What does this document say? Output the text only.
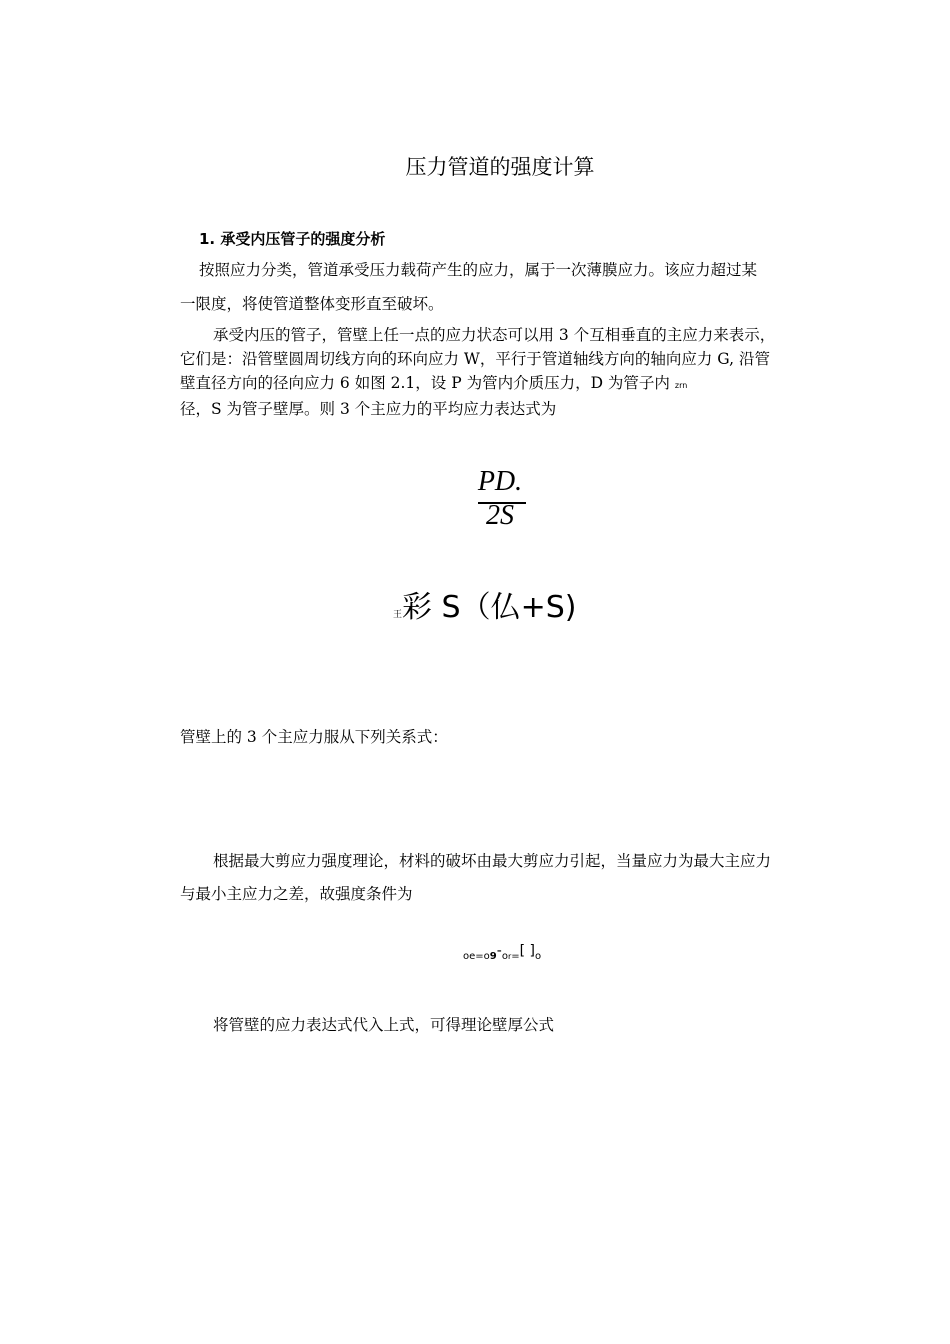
压力管道的强度计算
1. 承受内压管子的强度分析
按照应力分类，管道承受压力载荷产生的应力，属于一次薄膜应力。该应力超过某
一限度，将使管道整体变形直至破坏。
承受内压的管子，管壁上任一点的应力状态可以用 3 个互相垂直的主应力来表示，
它们是：沿管壁圆周切线方向的环向应力 W，平行于管道轴线方向的轴向应力 G, 沿管
壁直径方向的径向应力 6 如图 2.1，设 P 为管内介质压力，D 为管子内 zrn
径，S 为管子壁厚。则 3 个主应力的平均应力表达式为
PD.
2S
王彩 S（仏+S)
管壁上的 3 个主应力服从下列关系式：
根据最大剪应力强度理论，材料的破坏由最大剪应力引起，当量应力为最大主应力
与最小主应力之差，故强度条件为
oe=o9-or=[ ]o
将管壁的应力表达式代入上式，可得理论壁厚公式
